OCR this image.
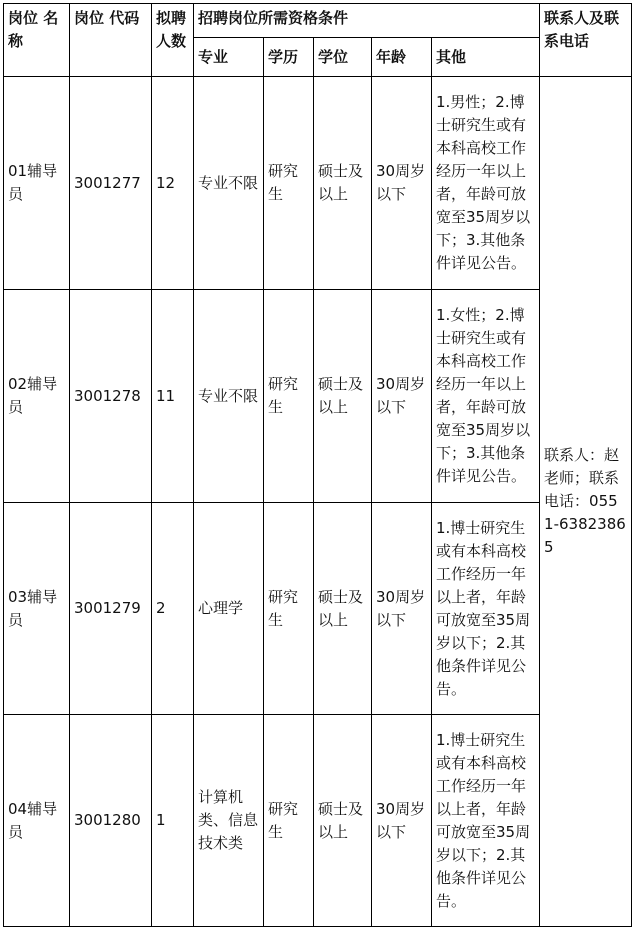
岗位 名称	岗位 代码	拟聘人数	招聘岗位所需资格条件					联系人及联系电话
			专业	学历	学位	年龄	其他	
01辅导员	3001277	12	专业不限	研究生	硕士及以上	30周岁以下	1.男性；2.博士研究生或有本科高校工作经历一年以上者，年龄可放宽至35周岁以下；3.其他条件详见公告。	联系人：赵老师；联系电话：0551-63823865
02辅导员	3001278	11	专业不限	研究生	硕士及以上	30周岁以下	1.女性；2.博士研究生或有本科高校工作经历一年以上者，年龄可放宽至35周岁以下；3.其他条件详见公告。	
03辅导员	3001279	2	心理学	研究生	硕士及以上	30周岁以下	1.博士研究生或有本科高校工作经历一年以上者，年龄可放宽至35周岁以下；2.其他条件详见公告。	
04辅导员	3001280	1	计算机类、信息技术类	研究生	硕士及以上	30周岁以下	1.博士研究生或有本科高校工作经历一年以上者，年龄可放宽至35周岁以下；2.其他条件详见公告。	
